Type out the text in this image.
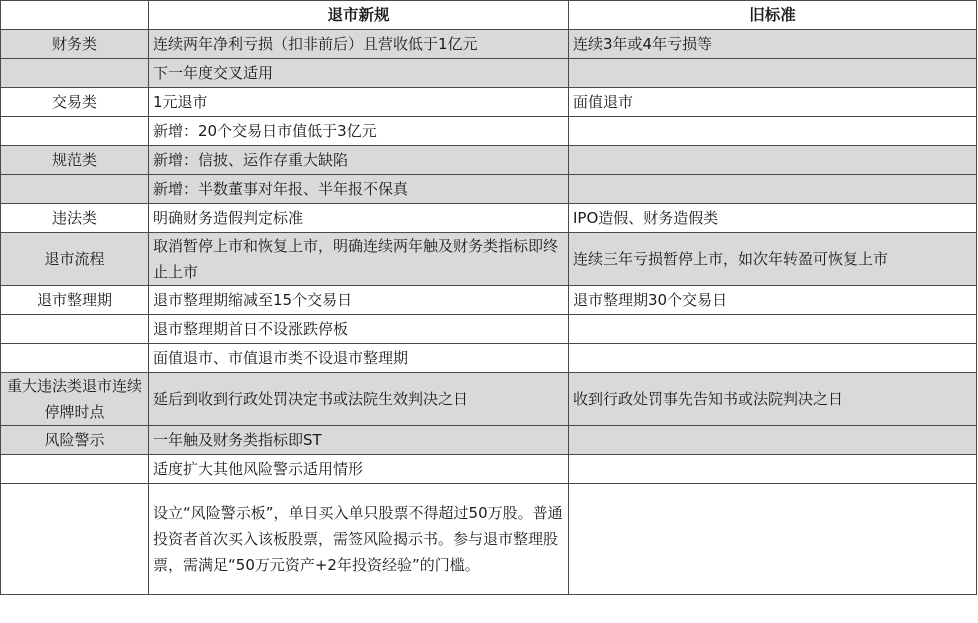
	退市新规	旧标准
财务类	连续两年净利亏损（扣非前后）且营收低于1亿元	连续3年或4年亏损等
	下一年度交叉适用	
交易类	1元退市	面值退市
	新增：20个交易日市值低于3亿元	
规范类	新增：信披、运作存重大缺陷	
	新增：半数董事对年报、半年报不保真	
违法类	明确财务造假判定标准	IPO造假、财务造假类
退市流程	取消暂停上市和恢复上市，明确连续两年触及财务类指标即终止上市	连续三年亏损暂停上市，如次年转盈可恢复上市
退市整理期	退市整理期缩减至15个交易日	退市整理期30个交易日
	退市整理期首日不设涨跌停板	
	面值退市、市值退市类不设退市整理期	
重大违法类退市连续停牌时点	延后到收到行政处罚决定书或法院生效判决之日	收到行政处罚事先告知书或法院判决之日
风险警示	一年触及财务类指标即ST	
	适度扩大其他风险警示适用情形	
	设立“风险警示板”，单日买入单只股票不得超过50万股。普通投资者首次买入该板股票，需签风险揭示书。参与退市整理股票，需满足“50万元资产+2年投资经验”的门槛。	
